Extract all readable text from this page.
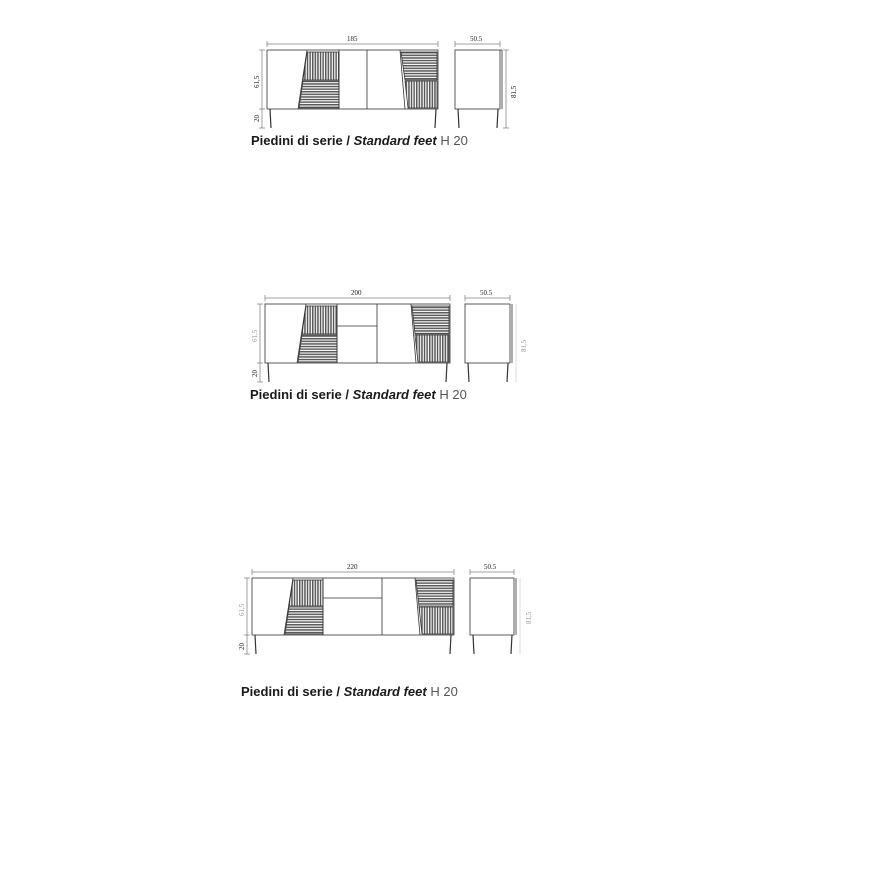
185	50.5
61,5
20
81,5
200	50.5
61,5
20
81,5
220	50.5
61,5
20
81,5
Piedini di serie / Standard feet H 20
Piedini di serie / Standard feet H 20
Piedini di serie / Standard feet H 20
